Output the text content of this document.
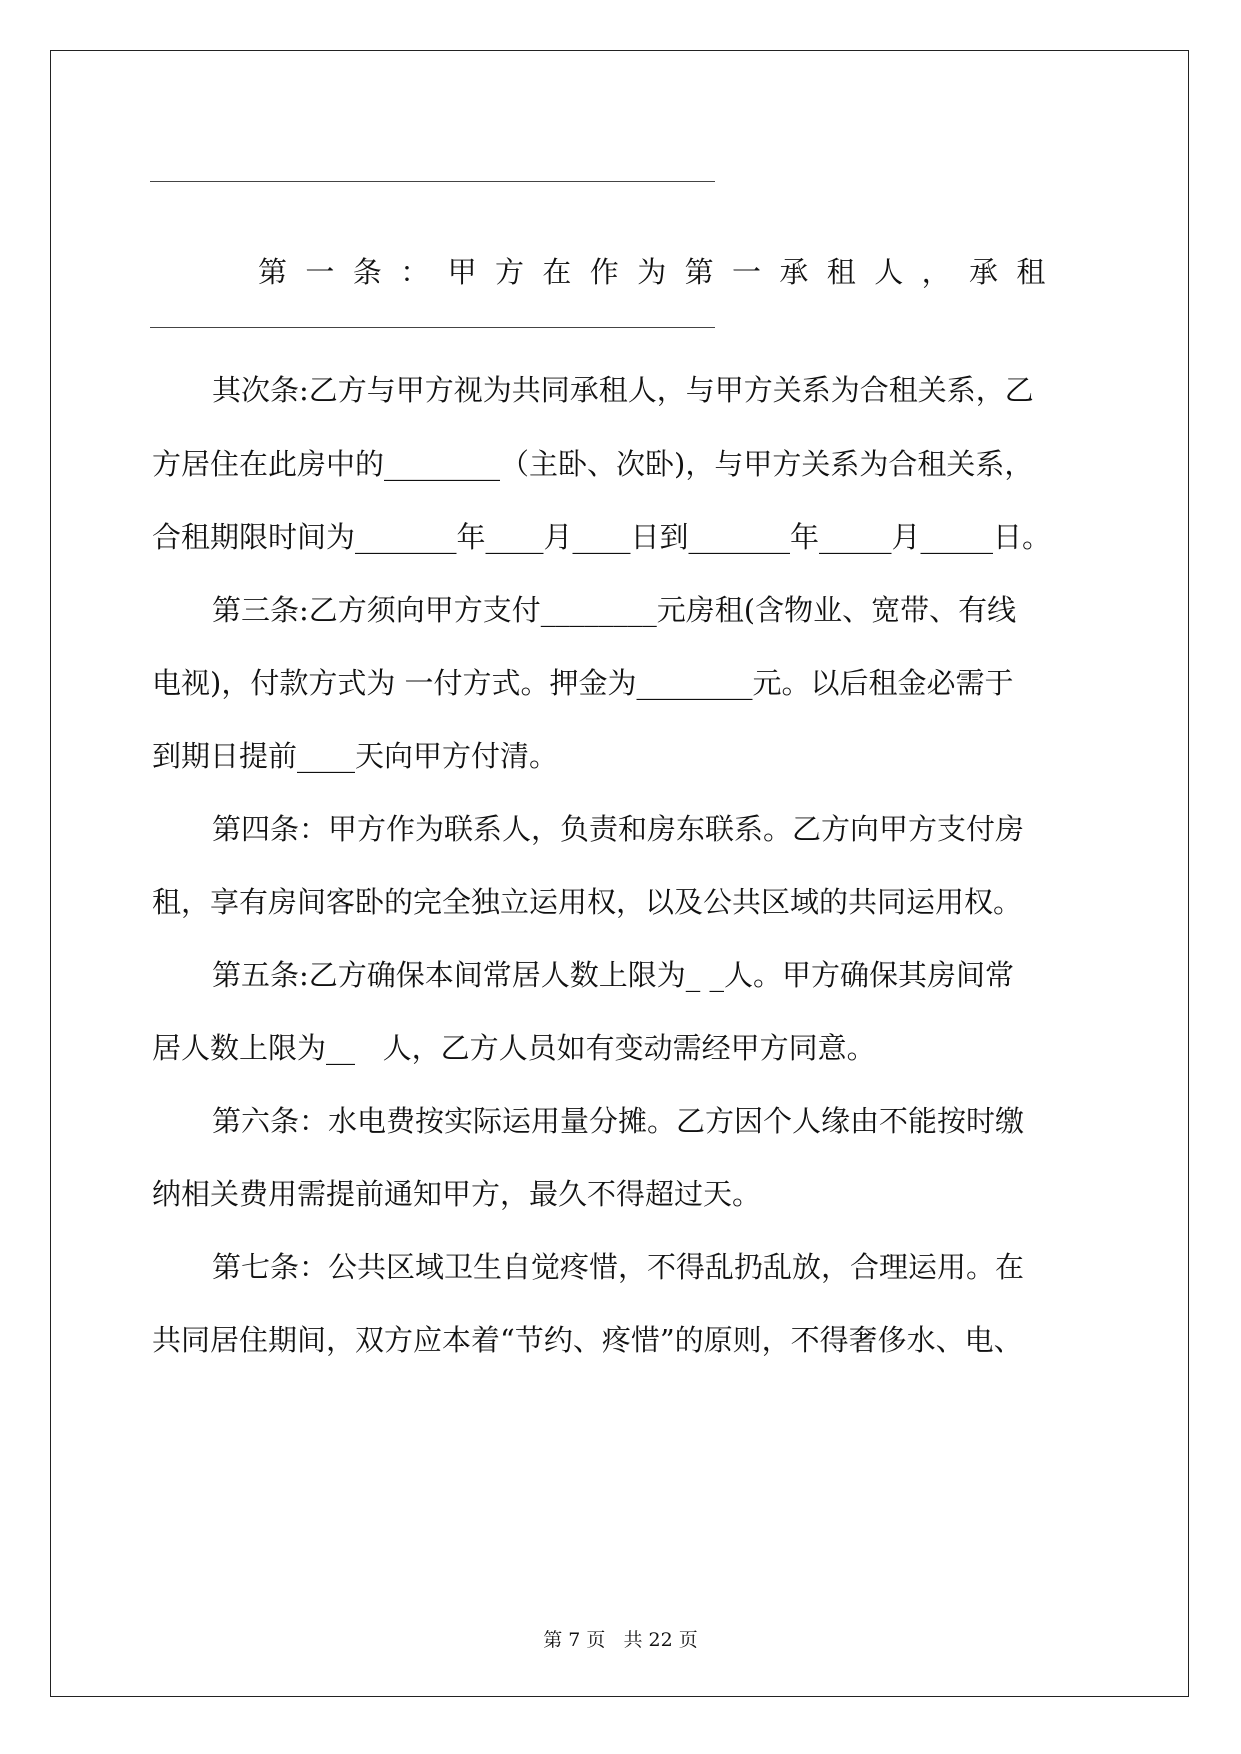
第一条：甲方在作为第一承租人，承租
其次条:乙方与甲方视为共同承租人，与甲方关系为合租关系，乙
方居住在此房中的________（主卧、次卧)，与甲方关系为合租关系，
合租期限时间为_______年____月____日到_______年_____月_____日。
第三条:乙方须向甲方支付________元房租(含物业、宽带、有线
电视)，付款方式为 一付方式。押金为________元。以后租金必需于
到期日提前____天向甲方付清。
第四条：甲方作为联系人，负责和房东联系。乙方向甲方支付房
租，享有房间客卧的完全独立运用权，以及公共区域的共同运用权。
第五条:乙方确保本间常居人数上限为_ _人。甲方确保其房间常
居人数上限为__   人，乙方人员如有变动需经甲方同意。
第六条：水电费按实际运用量分摊。乙方因个人缘由不能按时缴
纳相关费用需提前通知甲方，最久不得超过天。
第七条：公共区域卫生自觉疼惜，不得乱扔乱放，合理运用。在
共同居住期间，双方应本着“节约、疼惜”的原则，不得奢侈水、电、
第 7 页   共 22 页
